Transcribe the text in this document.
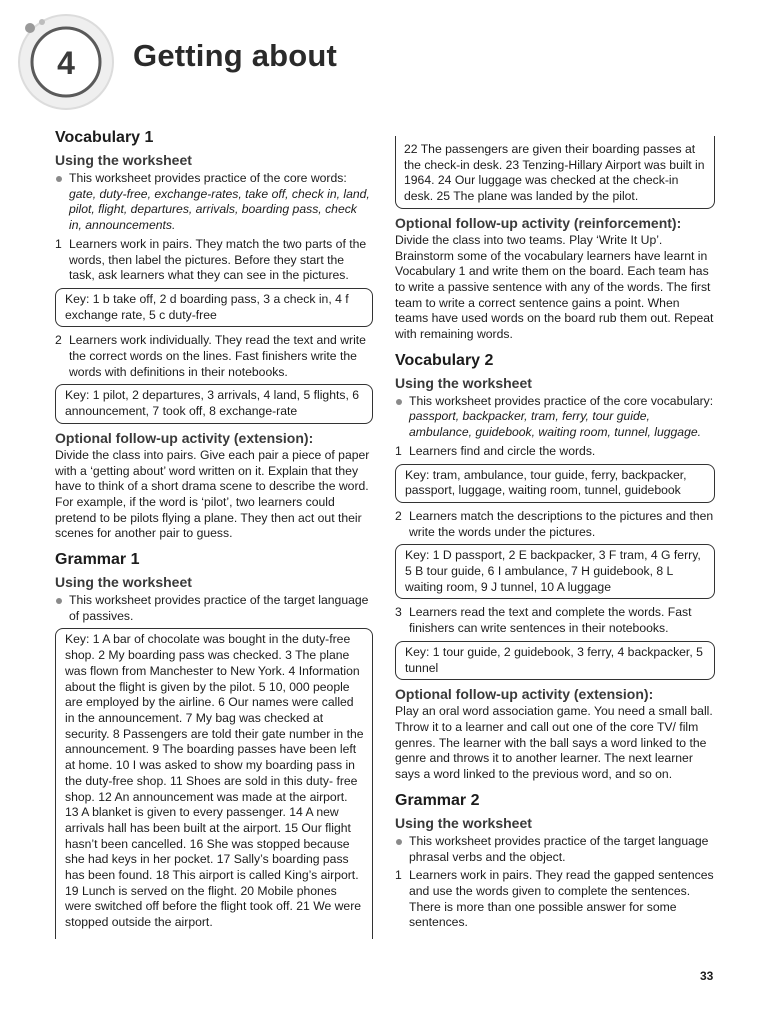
4 Getting about
Vocabulary 1
Using the worksheet
This worksheet provides practice of the core words: gate, duty-free, exchange-rates, take off, check in, land, pilot, flight, departures, arrivals, boarding pass, check in, announcements.
1 Learners work in pairs. They match the two parts of the words, then label the pictures. Before they start the task, ask learners what they can see in the pictures.
Key: 1 b take off, 2 d boarding pass, 3 a check in, 4 f exchange rate, 5 c duty-free
2 Learners work individually. They read the text and write the correct words on the lines. Fast finishers write the words with definitions in their notebooks.
Key: 1 pilot, 2 departures, 3 arrivals, 4 land, 5 flights, 6 announcement, 7 took off, 8 exchange-rate
Optional follow-up activity (extension):

Divide the class into pairs. Give each pair a piece of paper with a ‘getting about’ word written on it. Explain that they have to think of a short drama scene to describe the word. For example, if the word is ‘pilot’, two learners could pretend to be pilots flying a plane. They then act out their scenes for another pair to guess.

Grammar 1
Using the worksheet
This worksheet provides practice of the target language of passives.
Key: 1 A bar of chocolate was bought in the duty-free shop. 2 My boarding pass was checked. 3 The plane was flown from Manchester to New York. 4 Information about the flight is given by the pilot. 5 10, 000 people are employed by the airline. 6 Our names were called in the announcement. 7 My bag was checked at security. 8 Passengers are told their gate number in the announcement. 9 The boarding passes have been left at home. 10 I was asked to show my boarding pass in the duty-free shop. 11 Shoes are sold in this duty- free shop. 12 An announcement was made at the airport. 13 A blanket is given to every passenger. 14 A new arrivals hall has been built at the airport. 15 Our flight hasn’t been cancelled. 16 She was stopped because she had keys in her pocket. 17 Sally’s boarding pass has been found. 18 This airport is called King’s airport. 19 Lunch is served on the flight. 20 Mobile phones were switched off before the flight took off. 21 We were stopped outside the airport.
22 The passengers are given their boarding passes at the check-in desk. 23 Tenzing-Hillary Airport was built in 1964. 24 Our luggage was checked at the check-in desk. 25 The plane was landed by the pilot.
Optional follow-up activity (reinforcement):

Divide the class into two teams. Play ‘Write It Up’. Brainstorm some of the vocabulary learners have learnt in Vocabulary 1 and write them on the board. Each team has to write a passive sentence with any of the words. The first team to write a correct sentence gains a point. When teams have used words on the board rub them out. Repeat with remaining words.

Vocabulary 2
Using the worksheet
This worksheet provides practice of the core vocabulary: passport, backpacker, tram, ferry, tour guide, ambulance, guidebook, waiting room, tunnel, luggage.
1 Learners find and circle the words.
Key: tram, ambulance, tour guide, ferry, backpacker, passport, luggage, waiting room, tunnel, guidebook
2 Learners match the descriptions to the pictures and then write the words under the pictures.
Key: 1 D passport, 2 E backpacker, 3 F tram, 4 G ferry, 5 B tour guide, 6 I ambulance, 7 H guidebook, 8 L waiting room, 9 J tunnel, 10 A luggage
3 Learners read the text and complete the words. Fast finishers can write sentences in their notebooks.
Key: 1 tour guide, 2 guidebook, 3 ferry, 4 backpacker, 5 tunnel
Optional follow-up activity (extension):

Play an oral word association game. You need a small ball. Throw it to a learner and call out one of the core TV/ film genres. The learner with the ball says a word linked to the genre and throws it to another learner. The next learner says a word linked to the previous word, and so on.

Grammar 2
Using the worksheet
This worksheet provides practice of the target language phrasal verbs and the object.
1 Learners work in pairs. They read the gapped sentences and use the words given to complete the sentences. There is more than one possible answer for some sentences.
33
